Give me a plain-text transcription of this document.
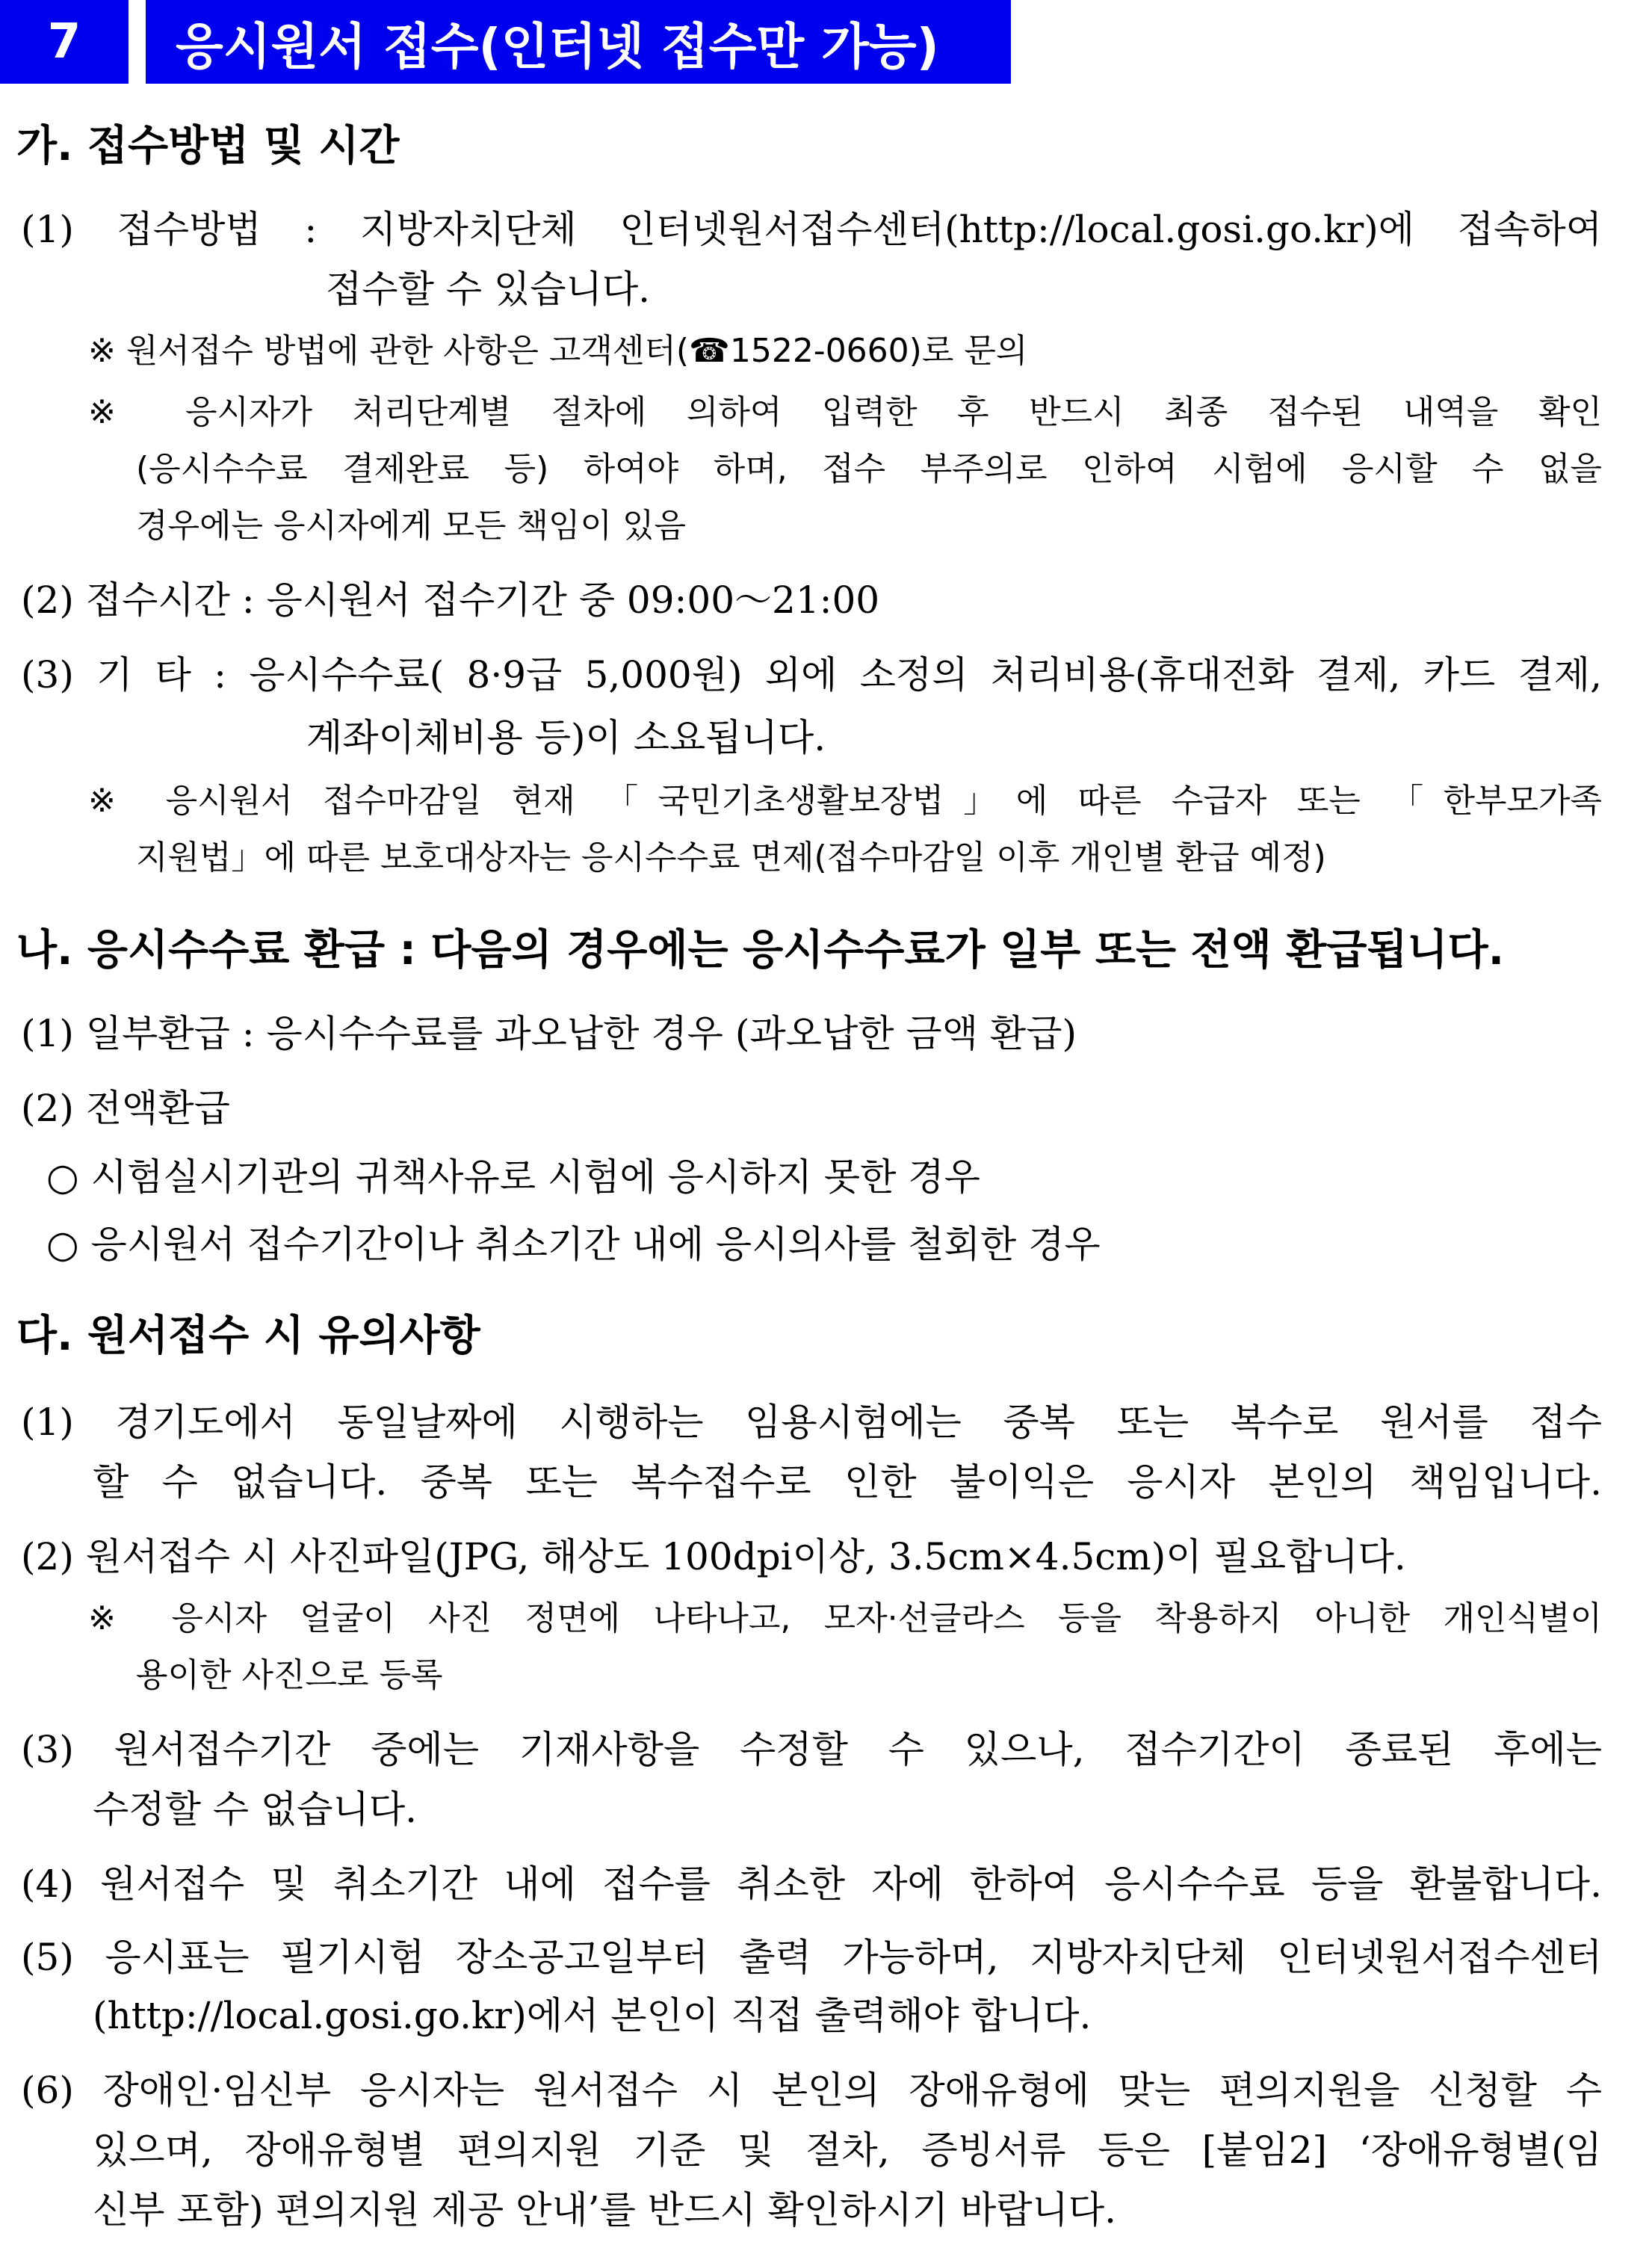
7	응시원서 접수(인터넷 접수만 가능)
가. 접수방법 및 시간
(1) 접수방법 : 지방자치단체 인터넷원서접수센터(http://local.gosi.go.kr)에 접속하여
접수할 수 있습니다.
※ 원서접수 방법에 관한 사항은 고객센터(☎1522-0660)로 문의
※ 응시자가 처리단계별 절차에 의하여 입력한 후 반드시 최종 접수된 내역을 확인
(응시수수료 결제완료 등) 하여야 하며, 접수 부주의로 인하여 시험에 응시할 수 없을
경우에는 응시자에게 모든 책임이 있음
(2) 접수시간 : 응시원서 접수기간 중 09:00～21:00
(3) 기 타 : 응시수수료( 8·9급 5,000원) 외에 소정의 처리비용(휴대전화 결제, 카드 결제,
계좌이체비용 등)이 소요됩니다.
※ 응시원서 접수마감일 현재 「국민기초생활보장법」에 따른 수급자 또는 「한부모가족
지원법」에 따른 보호대상자는 응시수수료 면제(접수마감일 이후 개인별 환급 예정)
나. 응시수수료 환급 : 다음의 경우에는 응시수수료가 일부 또는 전액 환급됩니다.
(1) 일부환급 : 응시수수료를 과오납한 경우 (과오납한 금액 환급)
(2) 전액환급
○ 시험실시기관의 귀책사유로 시험에 응시하지 못한 경우
○ 응시원서 접수기간이나 취소기간 내에 응시의사를 철회한 경우
다. 원서접수 시 유의사항
(1) 경기도에서 동일날짜에 시행하는 임용시험에는 중복 또는 복수로 원서를 접수
할 수 없습니다. 중복 또는 복수접수로 인한 불이익은 응시자 본인의 책임입니다.
(2) 원서접수 시 사진파일(JPG, 해상도 100dpi이상, 3.5cm×4.5cm)이 필요합니다.
※ 응시자 얼굴이 사진 정면에 나타나고, 모자·선글라스 등을 착용하지 아니한 개인식별이
용이한 사진으로 등록
(3) 원서접수기간 중에는 기재사항을 수정할 수 있으나, 접수기간이 종료된 후에는
수정할 수 없습니다.
(4) 원서접수 및 취소기간 내에 접수를 취소한 자에 한하여 응시수수료 등을 환불합니다.
(5) 응시표는 필기시험 장소공고일부터 출력 가능하며, 지방자치단체 인터넷원서접수센터
(http://local.gosi.go.kr)에서 본인이 직접 출력해야 합니다.
(6) 장애인·임신부 응시자는 원서접수 시 본인의 장애유형에 맞는 편의지원을 신청할 수
있으며, 장애유형별 편의지원 기준 및 절차, 증빙서류 등은 [붙임2] ‘장애유형별(임
신부 포함) 편의지원 제공 안내’를 반드시 확인하시기 바랍니다.
